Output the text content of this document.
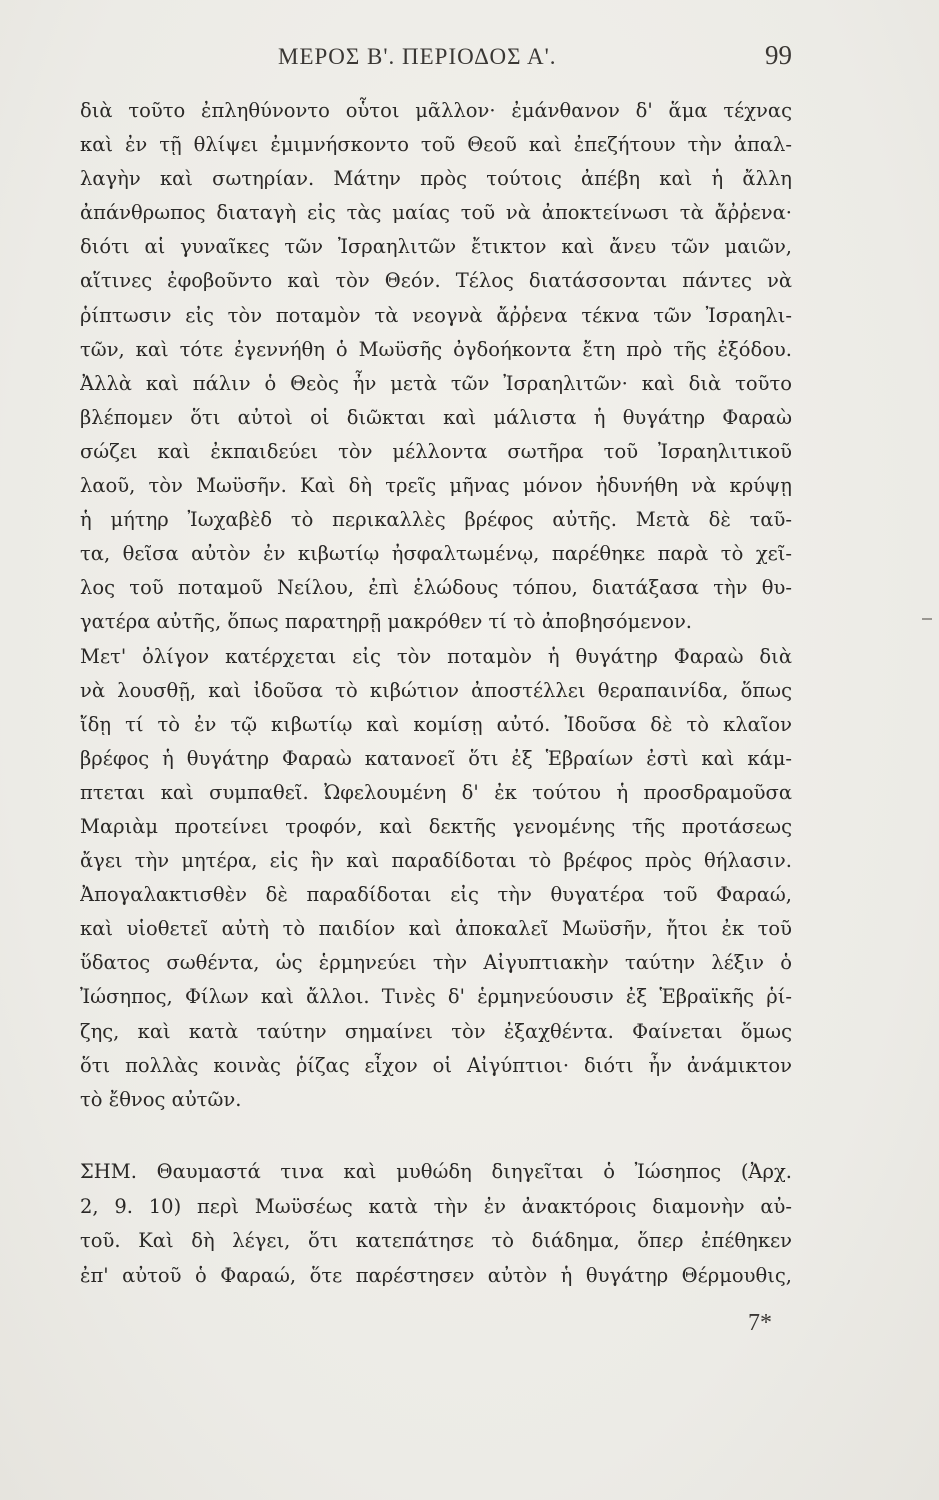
ΜΕΡΟΣ Β'. ΠΕΡΙΟΔΟΣ Α'.	99
διὰ τοῦτο ἐπληθύνοντο οὗτοι μᾶλλον· ἐμάνθανον δ' ἅμα τέχνας
καὶ ἐν τῇ θλίψει ἐμιμνήσκοντο τοῦ Θεοῦ καὶ ἐπεζήτουν τὴν ἀπαλ-
λαγὴν καὶ σωτηρίαν. Μάτην πρὸς τούτοις ἀπέβη καὶ ἡ ἄλλη
ἀπάνθρωπος διαταγὴ εἰς τὰς μαίας τοῦ νὰ ἀποκτείνωσι τὰ ἄῤῥενα·
διότι αἱ γυναῖκες τῶν Ἰσραηλιτῶν ἔτικτον καὶ ἄνευ τῶν μαιῶν,
αἵτινες ἐφοβοῦντο καὶ τὸν Θεόν. Τέλος διατάσσονται πάντες νὰ
ῥίπτωσιν εἰς τὸν ποταμὸν τὰ νεογνὰ ἄῤῥενα τέκνα τῶν Ἰσραηλι-
τῶν, καὶ τότε ἐγεννήθη ὁ Μωϋσῆς ὀγδοήκοντα ἔτη πρὸ τῆς ἐξόδου.
Ἀλλὰ καὶ πάλιν ὁ Θεὸς ἦν μετὰ τῶν Ἰσραηλιτῶν· καὶ διὰ τοῦτο
βλέπομεν ὅτι αὐτοὶ οἱ διῶκται καὶ μάλιστα ἡ θυγάτηρ Φαραὼ
σώζει καὶ ἐκπαιδεύει τὸν μέλλοντα σωτῆρα τοῦ Ἰσραηλιτικοῦ
λαοῦ, τὸν Μωϋσῆν. Καὶ δὴ τρεῖς μῆνας μόνον ἠδυνήθη νὰ κρύψῃ
ἡ μήτηρ Ἰωχαβὲδ τὸ περικαλλὲς βρέφος αὐτῆς. Μετὰ δὲ ταῦ-
τα, θεῖσα αὐτὸν ἐν κιβωτίῳ ἠσφαλτωμένῳ, παρέθηκε παρὰ τὸ χεῖ-
λος τοῦ ποταμοῦ Νείλου, ἐπὶ ἑλώδους τόπου, διατάξασα τὴν θυ-
γατέρα αὐτῆς, ὅπως παρατηρῇ μακρόθεν τί τὸ ἀποβησόμενον.
Μετ' ὀλίγον κατέρχεται εἰς τὸν ποταμὸν ἡ θυγάτηρ Φαραὼ διὰ
νὰ λουσθῇ, καὶ ἰδοῦσα τὸ κιβώτιον ἀποστέλλει θεραπαινίδα, ὅπως
ἴδῃ τί τὸ ἐν τῷ κιβωτίῳ καὶ κομίσῃ αὐτό. Ἰδοῦσα δὲ τὸ κλαῖον
βρέφος ἡ θυγάτηρ Φαραὼ κατανοεῖ ὅτι ἐξ Ἑβραίων ἐστὶ καὶ κάμ-
πτεται καὶ συμπαθεῖ. Ὠφελουμένη δ' ἐκ τούτου ἡ προσδραμοῦσα
Μαριὰμ προτείνει τροφόν, καὶ δεκτῆς γενομένης τῆς προτάσεως
ἄγει τὴν μητέρα, εἰς ἣν καὶ παραδίδοται τὸ βρέφος πρὸς θήλασιν.
Ἀπογαλακτισθὲν δὲ παραδίδοται εἰς τὴν θυγατέρα τοῦ Φαραώ,
καὶ υἱοθετεῖ αὐτὴ τὸ παιδίον καὶ ἀποκαλεῖ Μωϋσῆν, ἤτοι ἐκ τοῦ
ὕδατος σωθέντα, ὡς ἑρμηνεύει τὴν Αἰγυπτιακὴν ταύτην λέξιν ὁ
Ἰώσηπος, Φίλων καὶ ἄλλοι. Τινὲς δ' ἑρμηνεύουσιν ἐξ Ἑβραϊκῆς ῥί-
ζης, καὶ κατὰ ταύτην σημαίνει τὸν ἐξαχθέντα. Φαίνεται ὅμως
ὅτι πολλὰς κοινὰς ῥίζας εἶχον οἱ Αἰγύπτιοι· διότι ἦν ἀνάμικτον
τὸ ἔθνος αὐτῶν.
ΣΗΜ. Θαυμαστά τινα καὶ μυθώδη διηγεῖται ὁ Ἰώσηπος (Ἀρχ.
2, 9. 10) περὶ Μωϋσέως κατὰ τὴν ἐν ἀνακτόροις διαμονὴν αὐ-
τοῦ. Καὶ δὴ λέγει, ὅτι κατεπάτησε τὸ διάδημα, ὅπερ ἐπέθηκεν
ἐπ' αὐτοῦ ὁ Φαραώ, ὅτε παρέστησεν αὐτὸν ἡ θυγάτηρ Θέρμουθις,
7*
